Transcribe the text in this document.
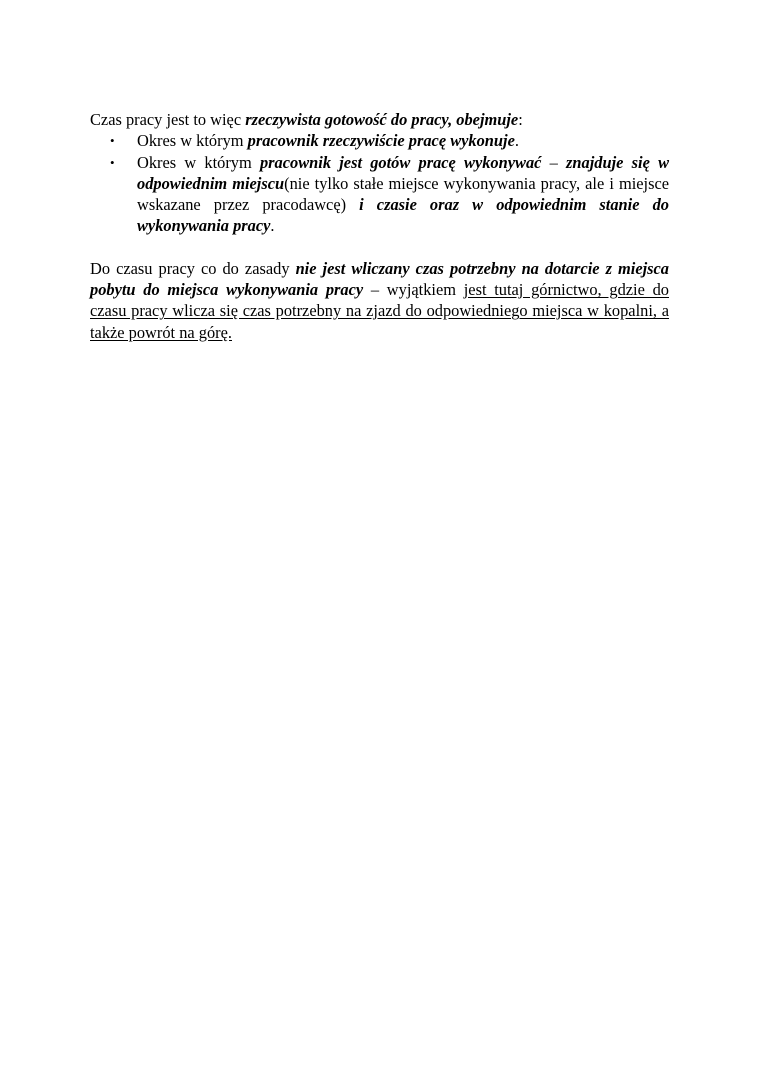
Czas pracy jest to więc rzeczywista gotowość do pracy, obejmuje:

• Okres w którym pracownik rzeczywiście pracę wykonuje.
• Okres w którym pracownik jest gotów pracę wykonywać – znajduje się w odpowiednim miejscu(nie tylko stałe miejsce wykonywania pracy, ale i miejsce wskazane przez pracodawcę) i czasie oraz w odpowiednim stanie do wykonywania pracy.

Do czasu pracy co do zasady nie jest wliczany czas potrzebny na dotarcie z miejsca pobytu do miejsca wykonywania pracy – wyjątkiem jest tutaj górnictwo, gdzie do czasu pracy wlicza się czas potrzebny na zjazd do odpowiedniego miejsca w kopalni, a także powrót na górę.
